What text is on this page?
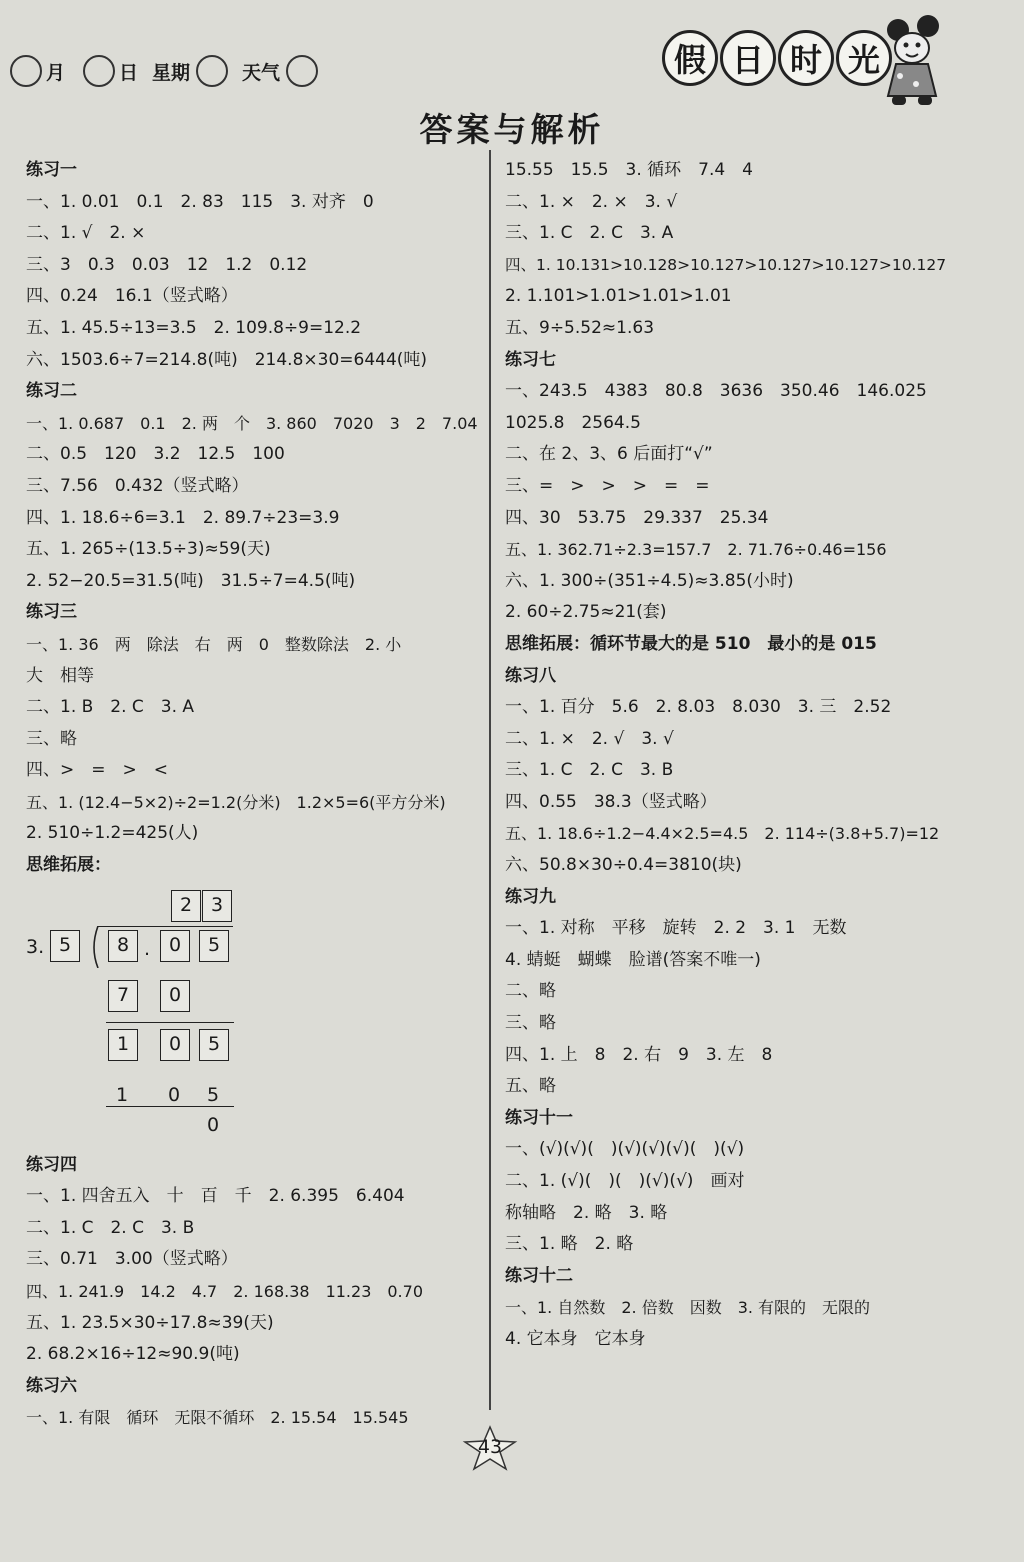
月	日 星期	天气	假 日 时 光
答案与解析
练习一
一、1. 0.01　0.1　2. 83　115　3. 对齐　0
二、1. √　2. ×
三、3　0.3　0.03　12　1.2　0.12
四、0.24　16.1（竖式略）
五、1. 45.5÷13=3.5　2. 109.8÷9=12.2
六、1503.6÷7=214.8(吨)　214.8×30=6444(吨)
练习二
一、1. 0.687　0.1　2. 两　个　3. 860　7020　3　2　7.04
二、0.5　120　3.2　12.5　100
三、7.56　0.432（竖式略）
四、1. 18.6÷6=3.1　2. 89.7÷23=3.9
五、1. 265÷(13.5÷3)≈59(天)
2. 52−20.5=31.5(吨)　31.5÷7=4.5(吨)
练习三
一、1. 36　两　除法　右　两　0　整数除法　2. 小
大　相等
二、1. B　2. C　3. A
三、略
四、>　=　>　<
五、1. (12.4−5×2)÷2=1.2(分米)　1.2×5=6(平方分米)
2. 510÷1.2=425(人)
思维拓展：
2 3
3. 5	8 . 0	5
7	0
1	0	5
1 0 5
0
练习四
一、1. 四舍五入　十　百　千　2. 6.395　6.404
二、1. C　2. C　3. B
三、0.71　3.00（竖式略）
四、1. 241.9　14.2　4.7　2. 168.38　11.23　0.70
五、1. 23.5×30÷17.8≈39(天)
2. 68.2×16÷12≈90.9(吨)
练习六
一、1. 有限　循环　无限不循环　2. 15.54　15.545
15.55　15.5　3. 循环　7.4　4
二、1. ×　2. ×　3. √
三、1. C　2. C　3. A
四、1. 10.131>10.128>10.127>10.127>10.127>10.127
2. 1.101>1.01>1.01>1.01
五、9÷5.52≈1.63
练习七
一、243.5　4383　80.8　3636　350.46　146.025
1025.8　2564.5
二、在 2、3、6 后面打“√”
三、=　>　>　>　=　=
四、30　53.75　29.337　25.34
五、1. 362.71÷2.3=157.7　2. 71.76÷0.46=156
六、1. 300÷(351÷4.5)≈3.85(小时)
2. 60÷2.75≈21(套)
思维拓展：循环节最大的是 510　最小的是 015
练习八
一、1. 百分　5.6　2. 8.03　8.030　3. 三　2.52
二、1. ×　2. √　3. √
三、1. C　2. C　3. B
四、0.55　38.3（竖式略）
五、1. 18.6÷1.2−4.4×2.5=4.5　2. 114÷(3.8+5.7)=12
六、50.8×30÷0.4=3810(块)
练习九
一、1. 对称　平移　旋转　2. 2　3. 1　无数
4. 蜻蜓　蝴蝶　脸谱(答案不唯一)
二、略
三、略
四、1. 上　8　2. 右　9　3. 左　8
五、略
练习十一
一、(√)(√)(　)(√)(√)(√)(　)(√)
二、1. (√)(　)(　)(√)(√)　画对
称轴略　2. 略　3. 略
三、1. 略　2. 略
练习十二
一、1. 自然数　2. 倍数　因数　3. 有限的　无限的
4. 它本身　它本身
43
